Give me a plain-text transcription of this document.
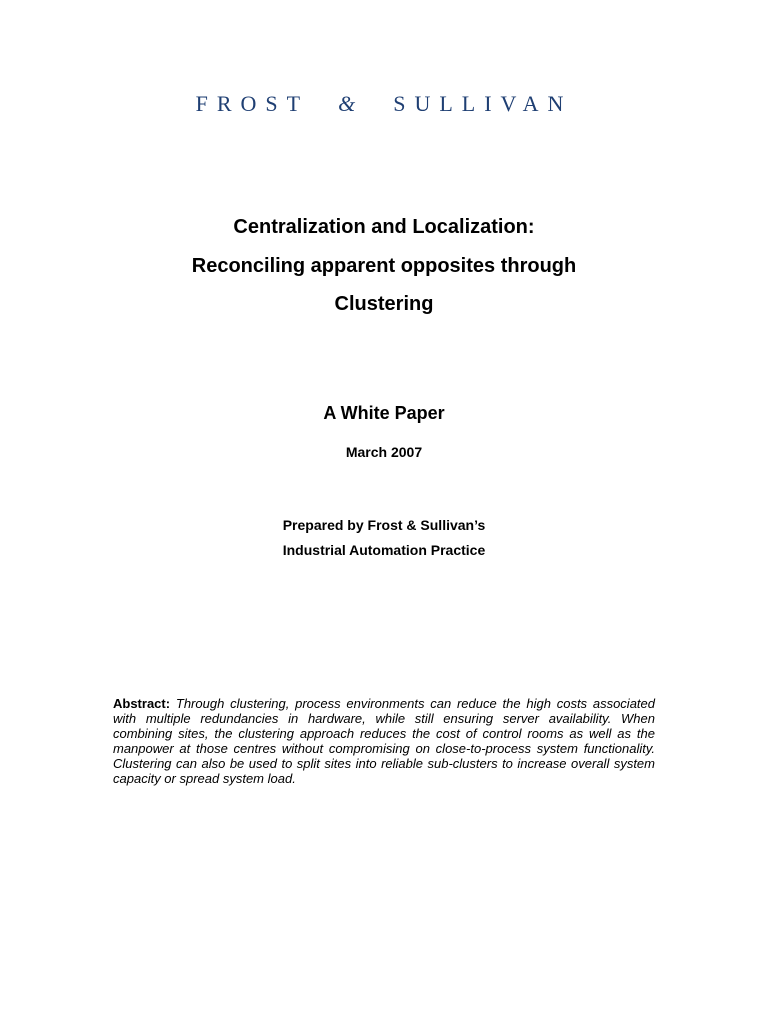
FROST & SULLIVAN
Centralization and Localization:
Reconciling apparent opposites through
Clustering
A White Paper
March 2007
Prepared by Frost & Sullivan’s
Industrial Automation Practice
Abstract: Through clustering, process environments can reduce the high costs associated with multiple redundancies in hardware, while still ensuring server availability. When combining sites, the clustering approach reduces the cost of control rooms as well as the manpower at those centres without compromising on close-to-process system functionality. Clustering can also be used to split sites into reliable sub-clusters to increase overall system capacity or spread system load.
